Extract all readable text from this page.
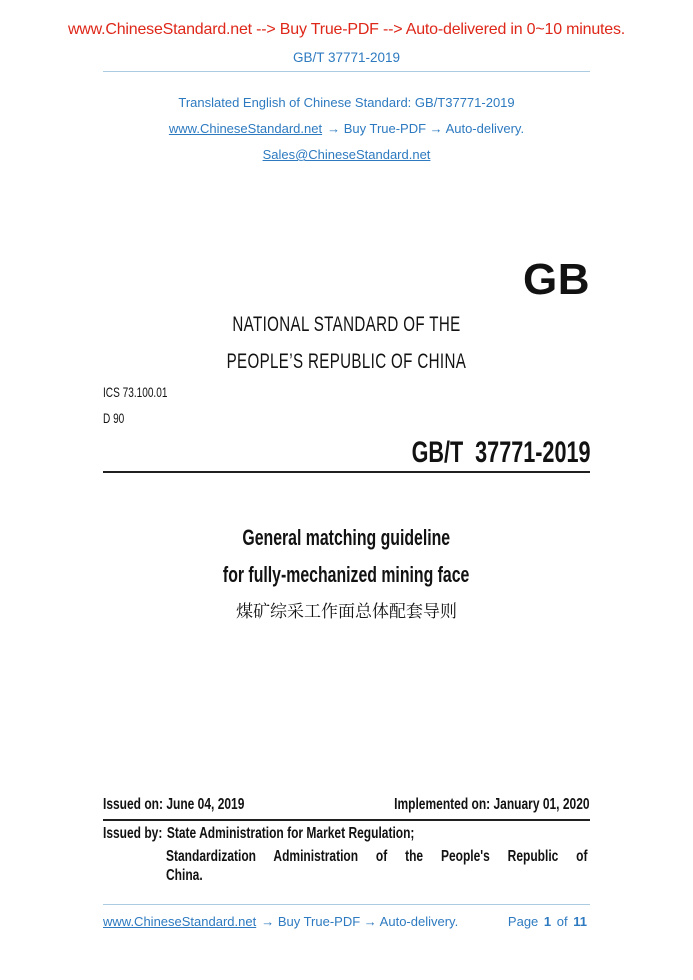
www.ChineseStandard.net --> Buy True-PDF --> Auto-delivered in 0~10 minutes.
GB/T 37771-2019
Translated English of Chinese Standard: GB/T37771-2019
www.ChineseStandard.net → Buy True-PDF → Auto-delivery.
Sales@ChineseStandard.net
GB
NATIONAL STANDARD OF THE
PEOPLE’S REPUBLIC OF CHINA
ICS 73.100.01
D 90
GB/T  37771-2019
General matching guideline
for fully-mechanized mining face
煤矿综采工作面总体配套导则
Issued on: June 04, 2019	Implemented on: January 01, 2020
Issued by: State Administration for Market Regulation;
Standardization Administration of the People's Republic of
China.
www.ChineseStandard.net → Buy True-PDF → Auto-delivery.	Page 1 of 11
